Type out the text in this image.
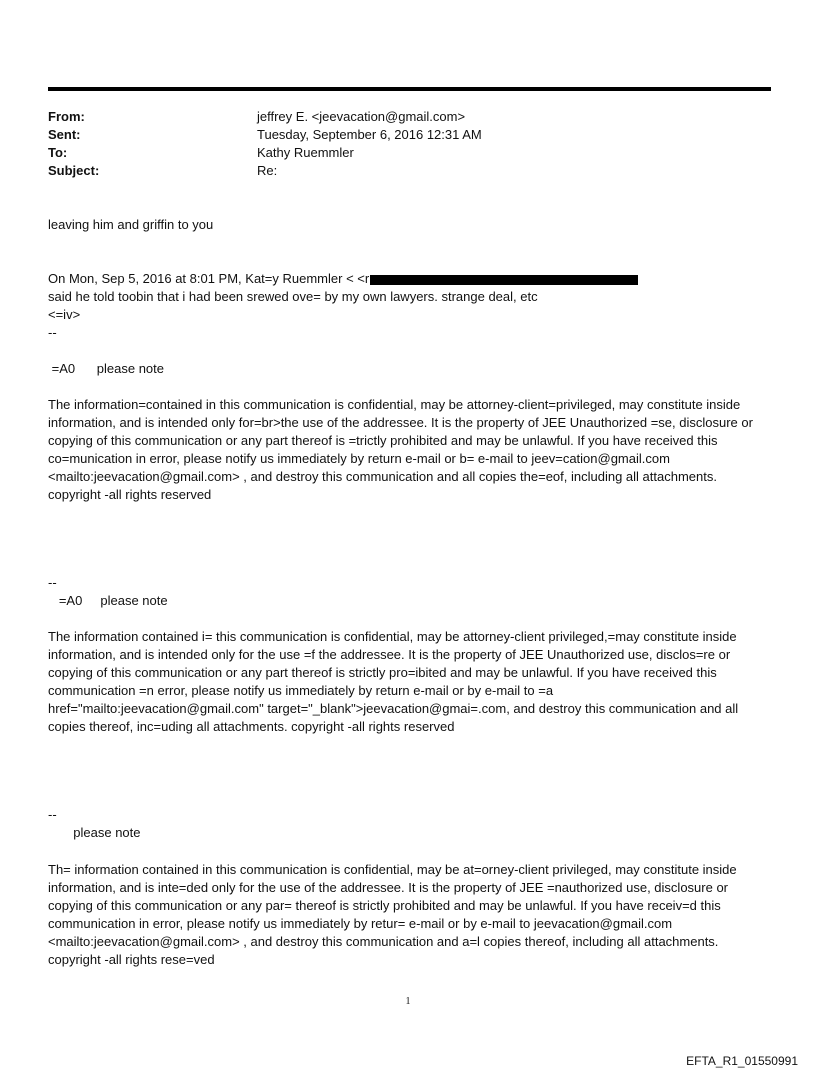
From:	jeffrey E. <jeevacation@gmail.com>
Sent:	Tuesday, September 6, 2016 12:31 AM
To:	Kathy Ruemmler
Subject:	Re:

leaving him and griffin to you

On Mon, Sep 5, 2016 at 8:01 PM, Kat=y Ruemmler < <r
said he told toobin that i had been srewed ove= by my own lawyers. strange deal, etc
<=iv>
--
=A0      please note

The information=contained in this communication is confidential, may be attorney-client=privileged, may constitute inside information, and is intended only for=br>the use of the addressee. It is the property of JEE Unauthorized =se, disclosure or copying of this communication or any part thereof is =trictly prohibited and may be unlawful. If you have received this co=munication in error, please notify us immediately by return e-mail or b= e-mail to jeev=cation@gmail.com <mailto:jeevacation@gmail.com> , and destroy this communication and all copies the=eof, including all attachments. copyright -all rights reserved

--
=A0     please note

The information contained i= this communication is confidential, may be attorney-client privileged,=may constitute inside information, and is intended only for the use =f the addressee. It is the property of JEE Unauthorized use, disclos=re or copying of this communication or any part thereof is strictly pro=ibited and may be unlawful. If you have received this communication =n error, please notify us immediately by return e-mail or by e-mail to =a href="mailto:jeevacation@gmail.com" target="_blank">jeevacation@gmai=.com, and destroy this communication and all copies thereof, inc=uding all attachments. copyright -all rights reserved

--
please note

Th= information contained in this communication is confidential, may be at=orney-client privileged, may constitute inside information, and is inte=ded only for the use of the addressee. It is the property of JEE =nauthorized use, disclosure or copying of this communication or any par= thereof is strictly prohibited and may be unlawful. If you have receiv=d this communication in error, please notify us immediately by retur= e-mail or by e-mail to jeevacation@gmail.com <mailto:jeevacation@gmail.com> , and destroy this communication and a=l copies thereof, including all attachments. copyright -all rights rese=ved

1
EFTA_R1_01550991
